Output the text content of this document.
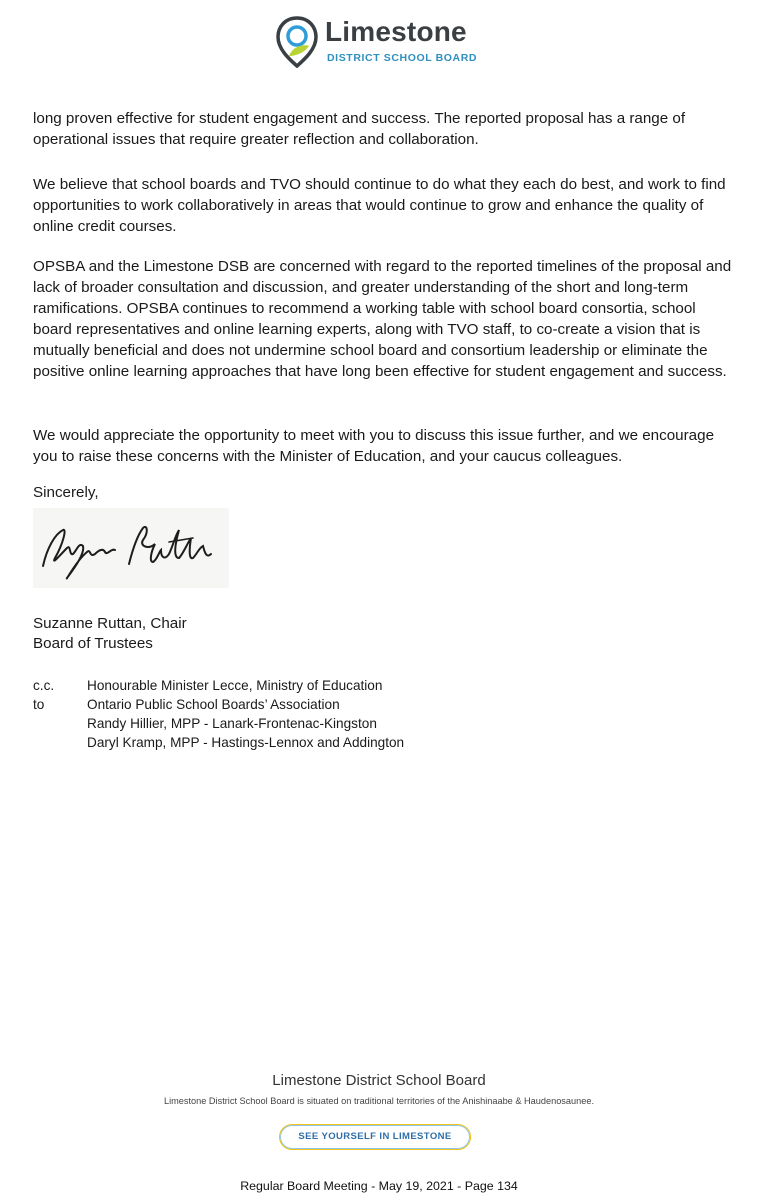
Limestone
DISTRICT SCHOOL BOARD

long proven effective for student engagement and success. The reported proposal has a range of operational issues that require greater reflection and collaboration.

We believe that school boards and TVO should continue to do what they each do best, and work to find opportunities to work collaboratively in areas that would continue to grow and enhance the quality of online credit courses.

OPSBA and the Limestone DSB are concerned with regard to the reported timelines of the proposal and lack of broader consultation and discussion, and greater understanding of the short and long-term ramifications. OPSBA continues to recommend a working table with school board consortia, school board representatives and online learning experts, along with TVO staff, to co-create a vision that is mutually beneficial and does not undermine school board and consortium leadership or eliminate the positive online learning approaches that have long been effective for student engagement and success.

We would appreciate the opportunity to meet with you to discuss this issue further, and we encourage you to raise these concerns with the Minister of Education, and your caucus colleagues.

Sincerely,

Suzanne Ruttan, Chair
Board of Trustees
c.c. to
Honourable Minister Lecce, Ministry of Education
Ontario Public School Boards’ Association
Randy Hillier, MPP - Lanark-Frontenac-Kingston
Daryl Kramp, MPP - Hastings-Lennox and Addington
Limestone District School Board
Limestone District School Board is situated on traditional territories of the Anishinaabe & Haudenosaunee.
SEE YOURSELF IN LIMESTONE
Regular Board Meeting - May 19, 2021 - Page 134
